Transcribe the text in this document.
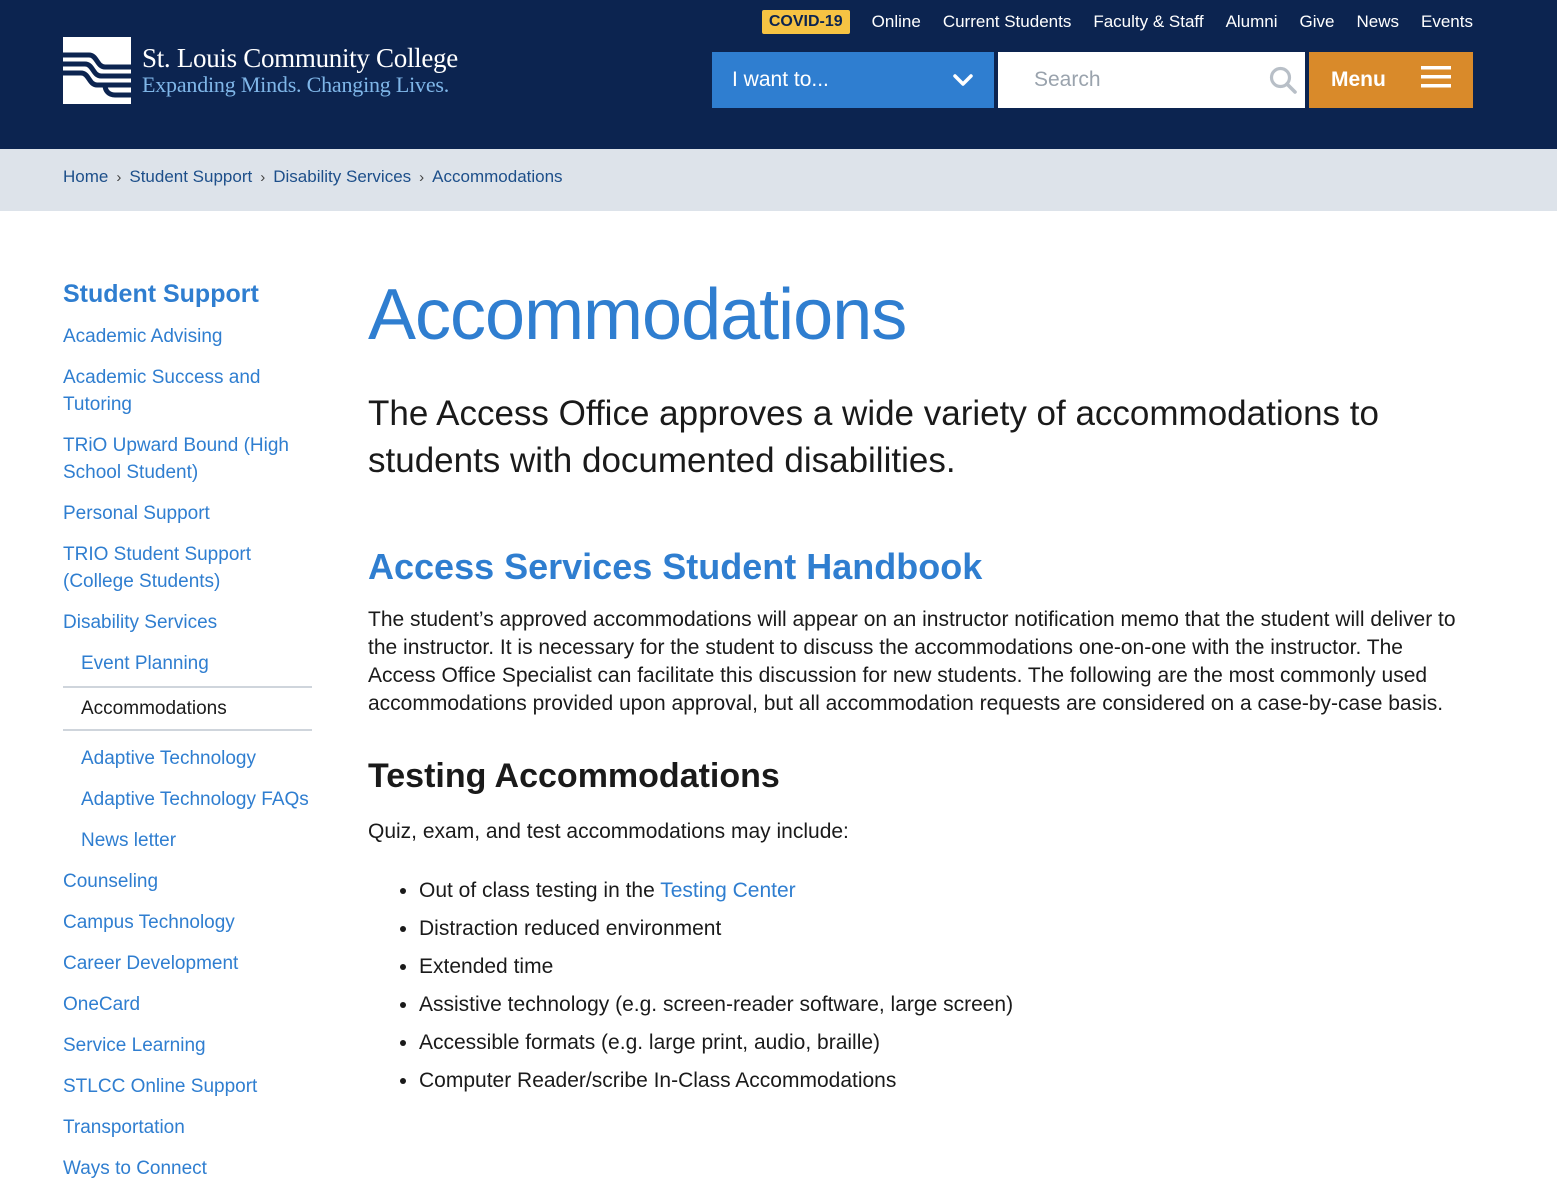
St. Louis Community College
Expanding Minds. Changing Lives.
COVID-19	Online Current Students Faculty & Staff Alumni Give News Events
I want to...
Search	Menu
Home › Student Support › Disability Services › Accommodations
Student Support
Academic Advising
Academic Success and Tutoring
TRiO Upward Bound (High School Student)
Personal Support
TRIO Student Support (College Students)
Disability Services
Event Planning
Accommodations
Adaptive Technology
Adaptive Technology FAQs
News letter
Counseling
Campus Technology
Career Development
OneCard
Service Learning
STLCC Online Support
Transportation
Ways to Connect
Accommodations

The Access Office approves a wide variety of accommodations to students with documented disabilities.

Access Services Student Handbook

The student’s approved accommodations will appear on an instructor notification memo that the student will deliver to the instructor. It is necessary for the student to discuss the accommodations one-on-one with the instructor. The Access Office Specialist can facilitate this discussion for new students. The following are the most commonly used accommodations provided upon approval, but all accommodation requests are considered on a case-by-case basis.

Testing Accommodations

Quiz, exam, and test accommodations may include:

• Out of class testing in the Testing Center
• Distraction reduced environment
• Extended time
• Assistive technology (e.g. screen-reader software, large screen)
• Accessible formats (e.g. large print, audio, braille)
• Computer Reader/scribe In-Class Accommodations
